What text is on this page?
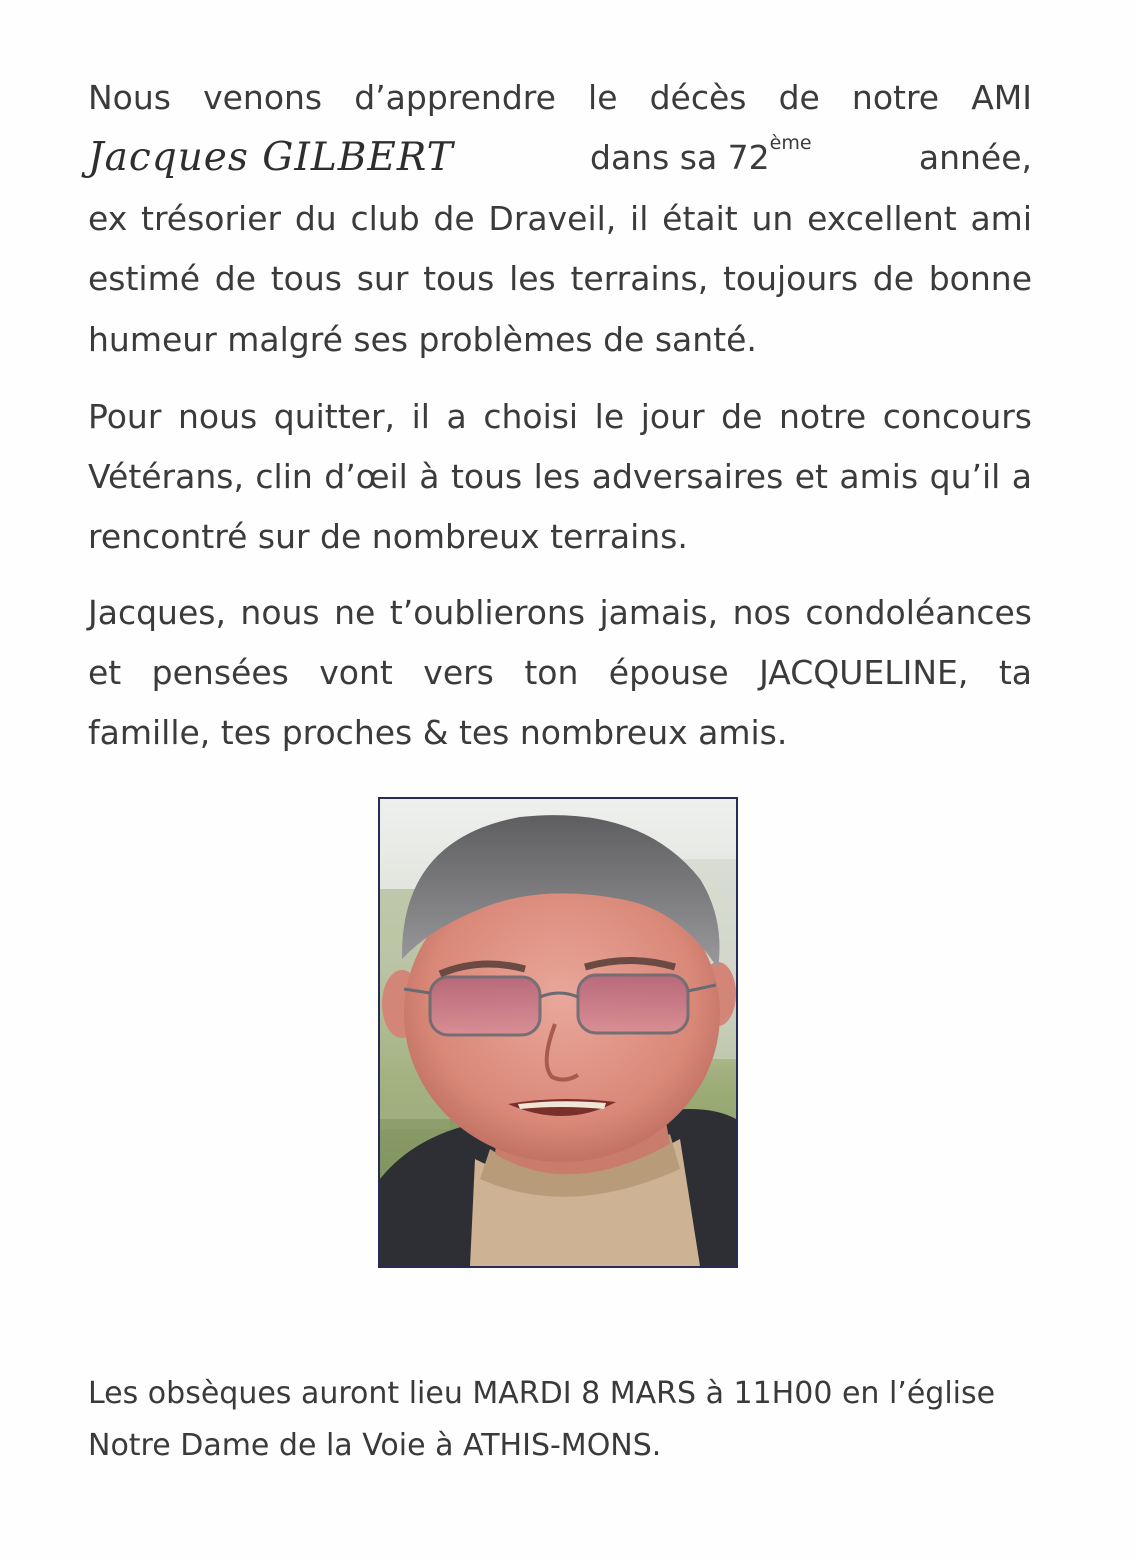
Nous venons d’apprendre le décès de notre AMI
Jacques GILBERT	dans sa 72ème	année,
ex trésorier du club de Draveil, il était un excellent ami
estimé de tous sur tous les terrains, toujours de bonne
humeur malgré ses problèmes de santé.
Pour nous quitter, il a choisi le jour de notre concours
Vétérans, clin d’œil à tous les adversaires et amis qu’il a
rencontré sur de nombreux terrains.
Jacques, nous ne t’oublierons jamais, nos condoléances
et pensées vont vers ton épouse JACQUELINE, ta
famille, tes proches & tes nombreux amis.
Les obsèques auront lieu MARDI 8 MARS à 11H00 en l’église
Notre Dame de la Voie à ATHIS-MONS.
